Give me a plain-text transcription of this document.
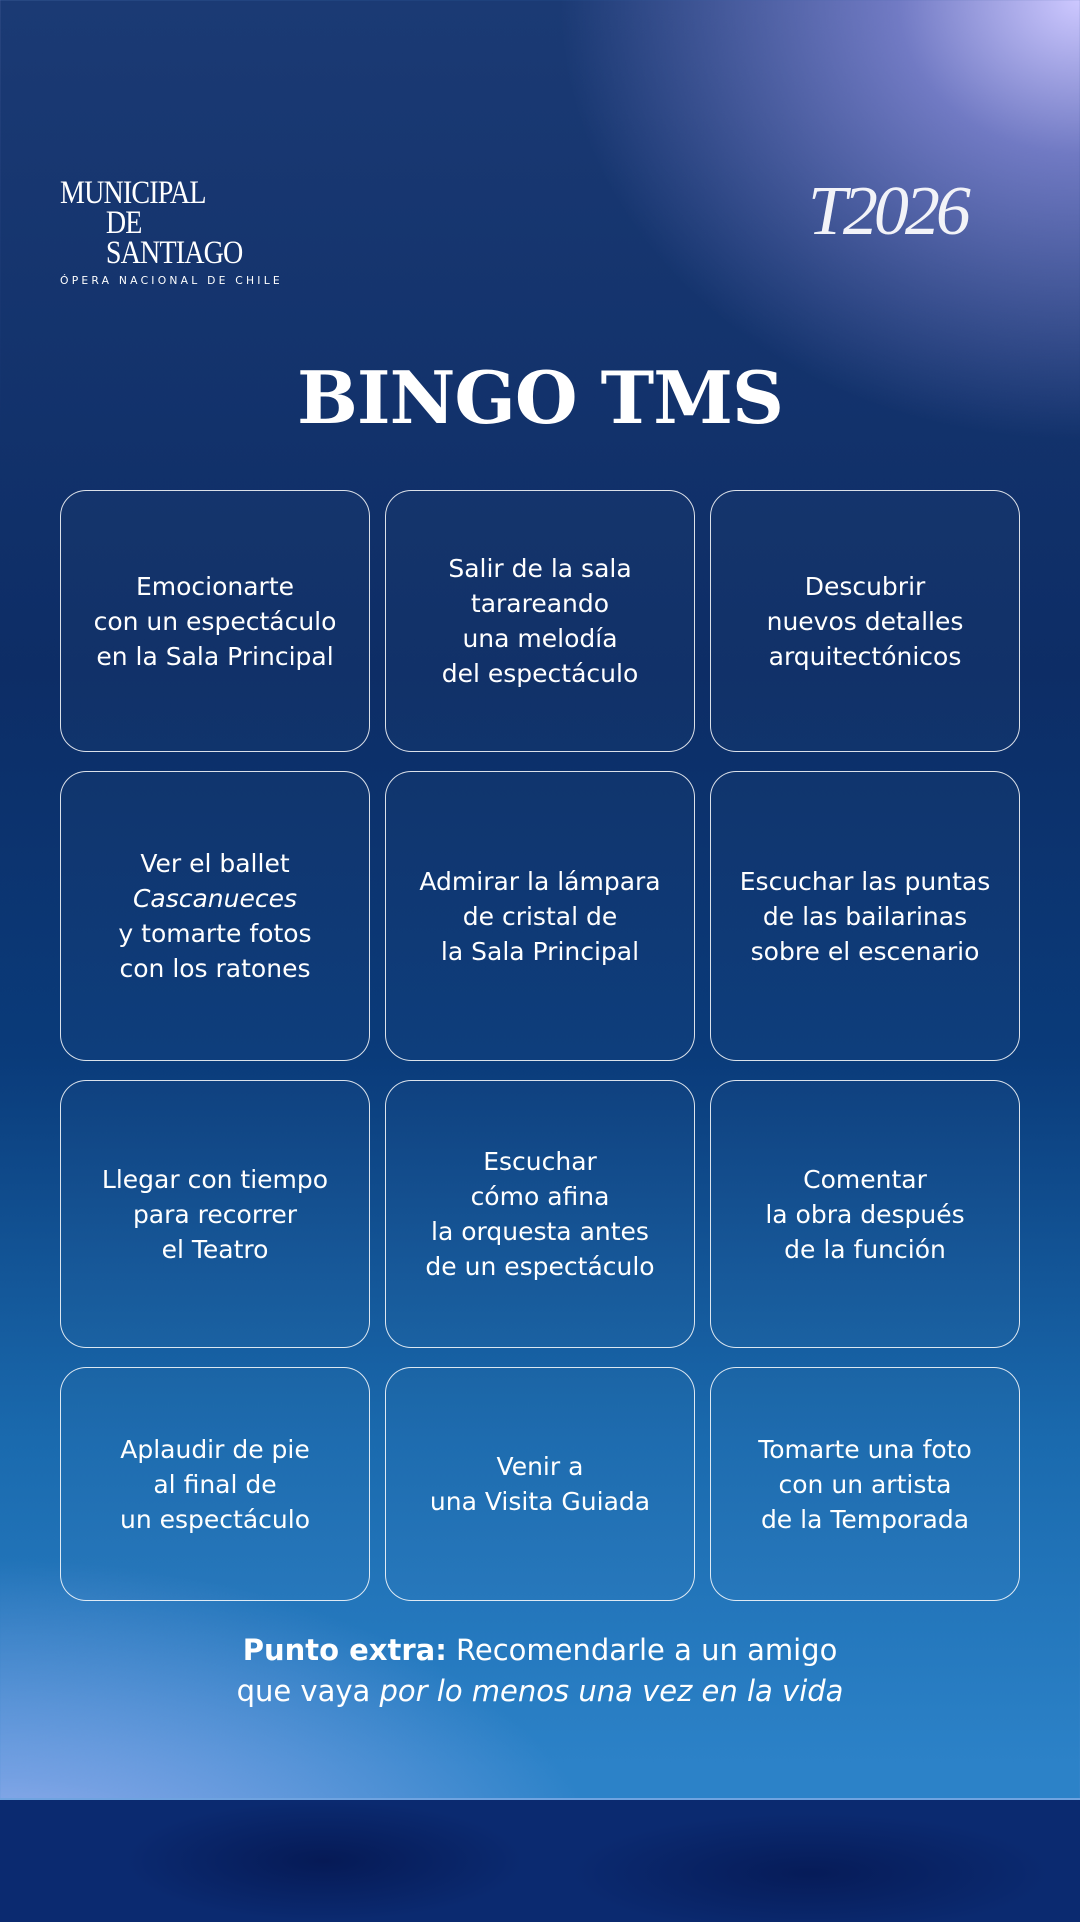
MUNICIPAL
DE
SANTIAGO
ÓPERA NACIONAL DE CHILE
T2026
BINGO TMS
Emocionarte
con un espectáculo
en la Sala Principal
Salir de la sala
tarareando
una melodía
del espectáculo
Descubrir
nuevos detalles
arquitectónicos
Ver el ballet
Cascanueces
y tomarte fotos
con los ratones
Admirar la lámpara
de cristal de
la Sala Principal
Escuchar las puntas
de las bailarinas
sobre el escenario
Llegar con tiempo
para recorrer
el Teatro
Escuchar
cómo afina
la orquesta antes
de un espectáculo
Comentar
la obra después
de la función
Aplaudir de pie
al final de
un espectáculo
Venir a
una Visita Guiada
Tomarte una foto
con un artista
de la Temporada
Punto extra: Recomendarle a un amigo
que vaya por lo menos una vez en la vida
